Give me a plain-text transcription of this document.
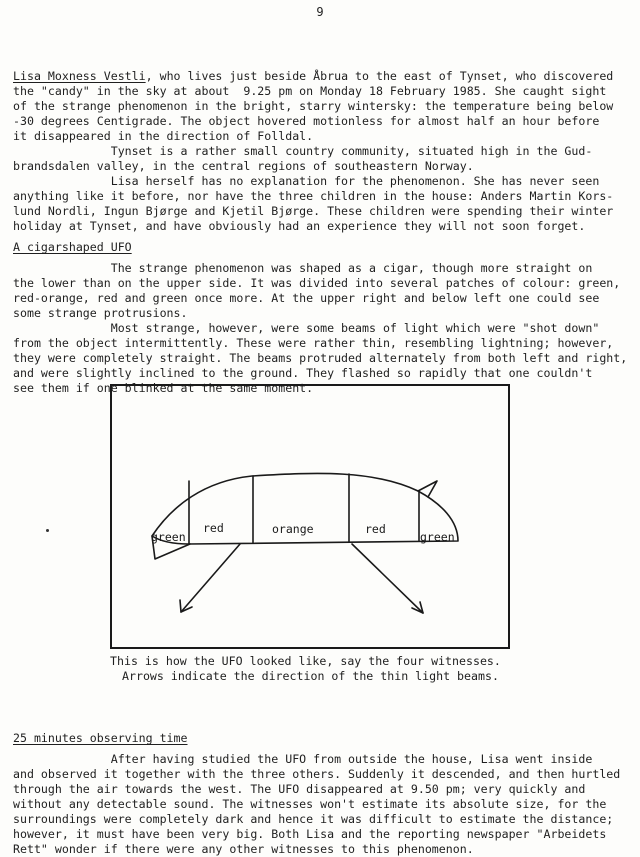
9
Lisa Moxness Vestli, who lives just beside Åbrua to the east of Tynset, who discovered
the "candy" in the sky at about  9.25 pm on Monday 18 February 1985. She caught sight
of the strange phenomenon in the bright, starry wintersky: the temperature being below
-30 degrees Centigrade. The object hovered motionless for almost half an hour before
it disappeared in the direction of Folldal.
Tynset is a rather small country community, situated high in the Gud-
brandsdalen valley, in the central regions of southeastern Norway.
Lisa herself has no explanation for the phenomenon. She has never seen
anything like it before, nor have the three children in the house: Anders Martin Kors-
lund Nordli, Ingun Bjørge and Kjetil Bjørge. These children were spending their winter
holiday at Tynset, and have obviously had an experience they will not soon forget.
A cigarshaped UFO
The strange phenomenon was shaped as a cigar, though more straight on
the lower than on the upper side. It was divided into several patches of colour: green,
red-orange, red and green once more. At the upper right and below left one could see
some strange protrusions.
Most strange, however, were some beams of light which were "shot down"
from the object intermittently. These were rather thin, resembling lightning; however,
they were completely straight. The beams protruded alternately from both left and right,
and were slightly inclined to the ground. They flashed so rapidly that one couldn't
see them if one blinked at the same moment.
green
red	orange	red
green
This is how the UFO looked like, say the four witnesses.
Arrows indicate the direction of the thin light beams.
25 minutes observing time
After having studied the UFO from outside the house, Lisa went inside
and observed it together with the three others. Suddenly it descended, and then hurtled
through the air towards the west. The UFO disappeared at 9.50 pm; very quickly and
without any detectable sound. The witnesses won't estimate its absolute size, for the
surroundings were completely dark and hence it was difficult to estimate the distance;
however, it must have been very big. Both Lisa and the reporting newspaper "Arbeidets
Rett" wonder if there were any other witnesses to this phenomenon.
